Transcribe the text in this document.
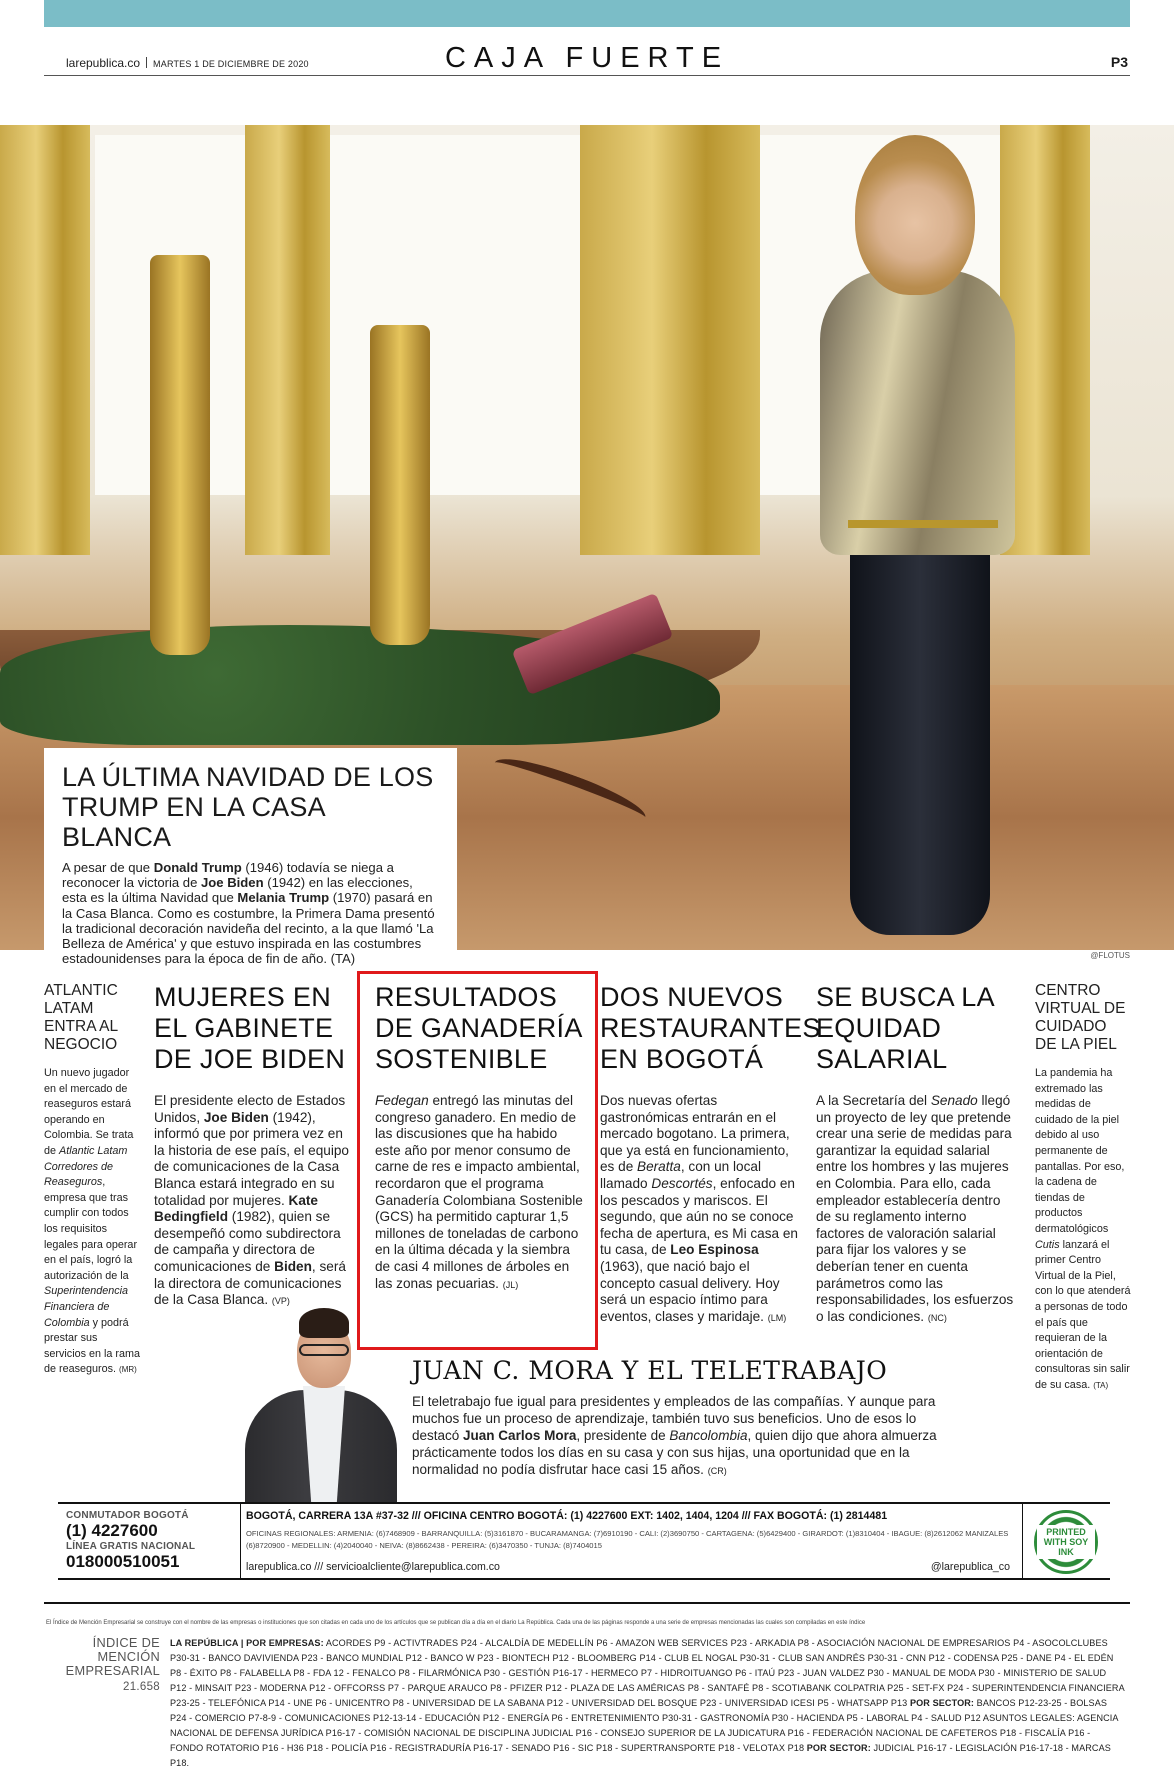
larepublica.co MARTES 1 DE DICIEMBRE DE 2020	CAJA FUERTE	P3
LA ÚLTIMA NAVIDAD DE LOS TRUMP EN LA CASA BLANCA

A pesar de que Donald Trump (1946) todavía se niega a reconocer la victoria de Joe Biden (1942) en las elecciones, esta es la última Navidad que Melania Trump (1970) pasará en la Casa Blanca. Como es costumbre, la Primera Dama presentó la tradicional decoración navideña del recinto, a la que llamó 'La Belleza de América' y que estuvo inspirada en las costumbres estadounidenses para la época de fin de año. (TA)	@FLOTUS
ATLANTIC LATAM ENTRA AL NEGOCIO

Un nuevo jugador en el mercado de reaseguros estará operando en Colombia. Se trata de Atlantic Latam Corredores de Reaseguros, empresa que tras cumplir con todos los requisitos legales para operar en el país, logró la autorización de la Superintendencia Financiera de Colombia y podrá prestar sus servicios en la rama de reaseguros. (MR)

MUJERES EN EL GABINETE DE JOE BIDEN

El presidente electo de Estados Unidos, Joe Biden (1942), informó que por primera vez en la historia de ese país, el equipo de comunicaciones de la Casa Blanca estará integrado en su totalidad por mujeres. Kate Bedingfield (1982), quien se desempeñó como subdirectora de campaña y directora de comunicaciones de Biden, será la directora de comunicaciones de la Casa Blanca. (VP)

RESULTADOS DE GANADERÍA SOSTENIBLE

Fedegan entregó las minutas del congreso ganadero. En medio de las discusiones que ha habido este año por menor consumo de carne de res e impacto ambiental, recordaron que el programa Ganadería Colombiana Sostenible (GCS) ha permitido capturar 1,5 millones de toneladas de carbono en la última década y la siembra de casi 4 millones de árboles en las zonas pecuarias. (JL)

DOS NUEVOS RESTAURANTES EN BOGOTÁ

Dos nuevas ofertas gastronómicas entrarán en el mercado bogotano. La primera, que ya está en funcionamiento, es de Beratta, con un local llamado Descortés, enfocado en los pescados y mariscos. El segundo, que aún no se conoce fecha de apertura, es Mi casa en tu casa, de Leo Espinosa (1963), que nació bajo el concepto casual delivery. Hoy será un espacio íntimo para eventos, clases y maridaje. (LM)

SE BUSCA LA EQUIDAD SALARIAL

A la Secretaría del Senado llegó un proyecto de ley que pretende crear una serie de medidas para garantizar la equidad salarial entre los hombres y las mujeres en Colombia. Para ello, cada empleador establecería dentro de su reglamento interno factores de valoración salarial para fijar los valores y se deberían tener en cuenta parámetros como las responsabilidades, los esfuerzos o las condiciones. (NC)

CENTRO VIRTUAL DE CUIDADO DE LA PIEL

La pandemia ha extremado las medidas de cuidado de la piel debido al uso permanente de pantallas. Por eso, la cadena de tiendas de productos dermatológicos Cutis lanzará el primer Centro Virtual de la Piel, con lo que atenderá a personas de todo el país que requieran de la orientación de consultoras sin salir de su casa. (TA)

JUAN C. MORA Y EL TELETRABAJO

El teletrabajo fue igual para presidentes y empleados de las compañías. Y aunque para muchos fue un proceso de aprendizaje, también tuvo sus beneficios. Uno de esos lo destacó Juan Carlos Mora, presidente de Bancolombia, quien dijo que ahora almuerza prácticamente todos los días en su casa y con sus hijas, una oportunidad que en la normalidad no podía disfrutar hace casi 15 años. (CR)

CONMUTADOR BOGOTÁ
(1) 4227600
LÍNEA GRATIS NACIONAL
018000510051
BOGOTÁ, CARRERA 13A #37-32 /// OFICINA CENTRO BOGOTÁ: (1) 4227600 EXT: 1402, 1404, 1204 /// FAX BOGOTÁ: (1) 2814481
OFICINAS REGIONALES: ARMENIA: (6)7468909 - BARRANQUILLA: (5)3161870 - BUCARAMANGA: (7)6910190 - CALI: (2)3690750 - CARTAGENA: (5)6429400 - GIRARDOT: (1)8310404 - IBAGUE: (8)2612062 MANIZALES (6)8720900 - MEDELLIN: (4)2040040 - NEIVA: (8)8662438 - PEREIRA: (6)3470350 - TUNJA: (8)7404015
larepublica.co /// servicioalcliente@larepublica.com.co	@larepublica_co
PRINTED WITH SOY INK
El Índice de Mención Empresarial se construye con el nombre de las empresas o instituciones que son citadas en cada uno de los artículos que se publican día a día en el diario La República. Cada una de las páginas responde a una serie de empresas mencionadas las cuales son compiladas en este índice
ÍNDICE DE MENCIÓN EMPRESARIAL
21.658
LA REPÚBLICA | POR EMPRESAS: ACORDES P9 - ACTIVTRADES P24 - ALCALDÍA DE MEDELLÍN P6 - AMAZON WEB SERVICES P23 - ARKADIA P8 - ASOCIACIÓN NACIONAL DE EMPRESARIOS P4 - ASOCOLCLUBES P30-31 - BANCO DAVIVIENDA P23 - BANCO MUNDIAL P12 - BANCO W P23 - BIONTECH P12 - BLOOMBERG P14 - CLUB EL NOGAL P30-31 - CLUB SAN ANDRÉS P30-31 - CNN P12 - CODENSA P25 - DANE P4 - EL EDÉN P8 - ÉXITO P8 - FALABELLA P8 - FDA 12 - FENALCO P8 - FILARMÓNICA P30 - GESTIÓN P16-17 - HERMECO P7 - HIDROITUANGO P6 - ITAÚ P23 - JUAN VALDEZ P30 - MANUAL DE MODA P30 - MINISTERIO DE SALUD P12 - MINSAIT P23 - MODERNA P12 - OFFCORSS P7 - PARQUE ARAUCO P8 - PFIZER P12 - PLAZA DE LAS AMÉRICAS P8 - SANTAFÉ P8 - SCOTIABANK COLPATRIA P25 - SET-FX P24 - SUPERINTENDENCIA FINANCIERA P23-25 - TELEFÓNICA P14 - UNE P6 - UNICENTRO P8 - UNIVERSIDAD DE LA SABANA P12 - UNIVERSIDAD DEL BOSQUE P23 - UNIVERSIDAD ICESI P5 - WHATSAPP P13 POR SECTOR: BANCOS P12-23-25 - BOLSAS P24 - COMERCIO P7-8-9 - COMUNICACIONES P12-13-14 - EDUCACIÓN P12 - ENERGÍA P6 - ENTRETENIMIENTO P30-31 - GASTRONOMÍA P30 - HACIENDA P5 - LABORAL P4 - SALUD P12 ASUNTOS LEGALES: AGENCIA NACIONAL DE DEFENSA JURÍDICA P16-17 - COMISIÓN NACIONAL DE DISCIPLINA JUDICIAL P16 - CONSEJO SUPERIOR DE LA JUDICATURA P16 - FEDERACIÓN NACIONAL DE CAFETEROS P18 - FISCALÍA P16 - FONDO ROTATORIO P16 - H36 P18 - POLICÍA P16 - REGISTRADURÍA P16-17 - SENADO P16 - SIC P18 - SUPERTRANSPORTE P18 - VELOTAX P18 POR SECTOR: JUDICIAL P16-17 - LEGISLACIÓN P16-17-18 - MARCAS P18.
